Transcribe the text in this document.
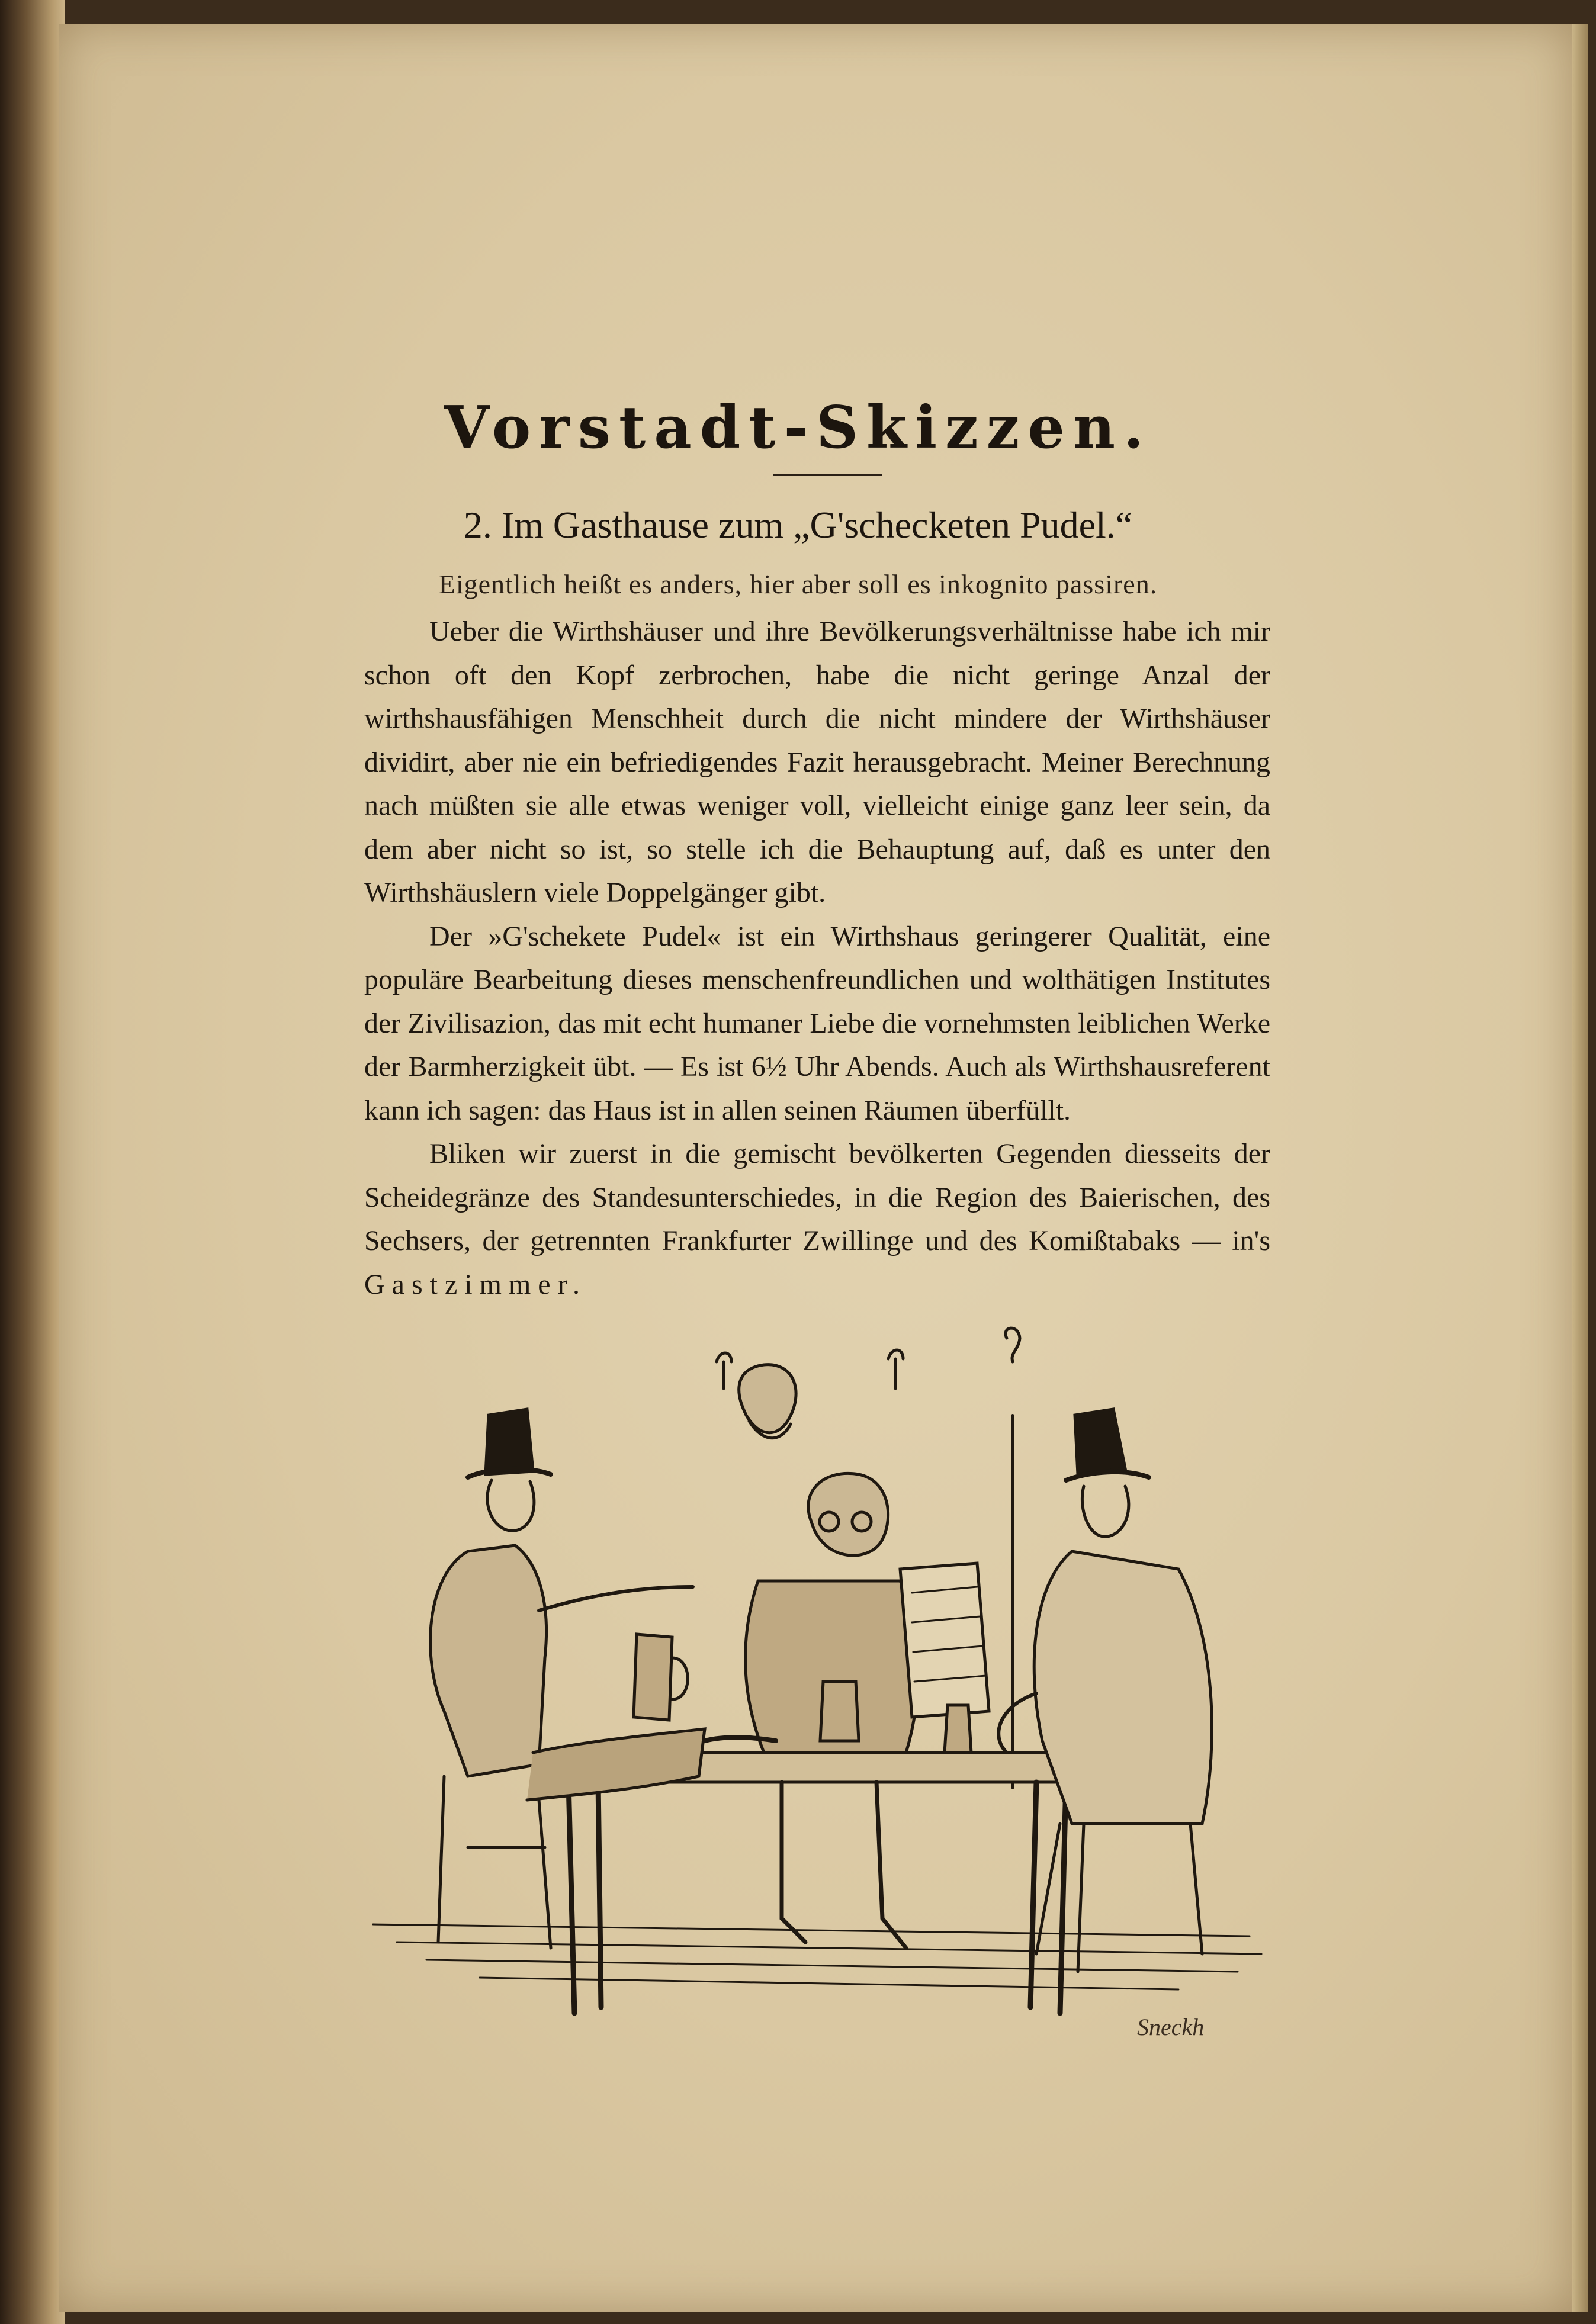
Vorstadt-Skizzen.
2. Im Gasthause zum „G'schecketen Pudel.“
Eigentlich heißt es anders, hier aber soll es inkognito passiren.

Ueber die Wirthshäuser und ihre Bevölkerungsverhältnisse habe ich mir schon oft den Kopf zerbrochen, habe die nicht geringe Anzal der wirthshausfähigen Menschheit durch die nicht mindere der Wirthshäuser dividirt, aber nie ein befriedigendes Fazit herausgebracht. Meiner Berechnung nach müßten sie alle etwas weniger voll, vielleicht einige ganz leer sein, da dem aber nicht so ist, so stelle ich die Behauptung auf, daß es unter den Wirthshäuslern viele Doppelgänger gibt.

Der »G'schekete Pudel« ist ein Wirthshaus geringerer Qualität, eine populäre Bearbeitung dieses menschenfreundlichen und wolthätigen Institutes der Zivilisazion, das mit echt humaner Liebe die vornehmsten leiblichen Werke der Barmherzigkeit übt. — Es ist 6½ Uhr Abends. Auch als Wirthshausreferent kann ich sagen: das Haus ist in allen seinen Räumen überfüllt.

Bliken wir zuerst in die gemischt bevölkerten Gegenden diesseits der Scheidegränze des Standesunterschiedes, in die Region des Baierischen, des Sechsers, der getrennten Frankfurter Zwillinge und des Komißtabaks — in's Gastzimmer.

Sneckh
